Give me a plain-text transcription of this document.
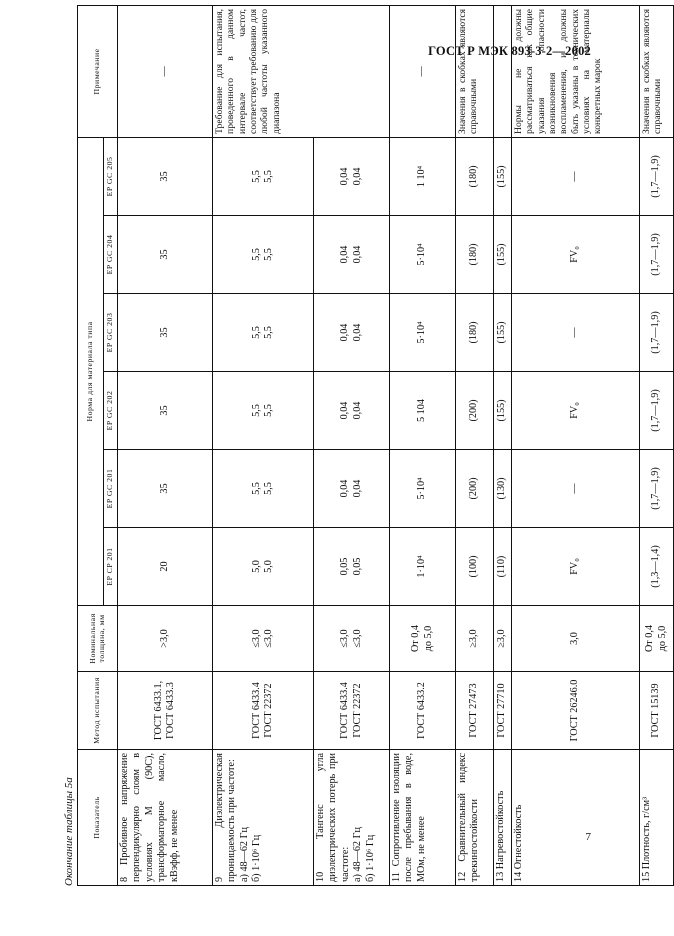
ГОСТ Р МЭК 893-3-2—2002
Окончание таблицы 5а Показатель	Метод испытания	Номинальная толщина, мм	Норма для материала типа						Примечание
			EP CP 201	EP GC 201	EP GC 202	EP GC 203	EP GC 204	EP GC 205	
8 Пробивное напряжение перпендикулярно слоям в условиях М (90С), трансформаторное масло, кВэфф, не менее	ГОСТ 6433.1, ГОСТ 6433.3	>3,0	20	35	35	35	35	35	—

9 Диэлектрическая проницаемость при частоте: а) 48—62 Гц б) 1·10⁶ Гц	ГОСТ 6433.4 ГОСТ 22372	≤3,0 ≤3,0	5,0 5,0	5,5 5,5	5,5 5,5	5,5 5,5	5,5 5,5	5,5 5,5	Требование для испытания, проведенного в данном интервале частот, соответствует требованию для любой частоты указанного диапазона

10 Тангенс угла диэлектрических потерь при частоте: а) 48—62 Гц б) 1·10⁶ Гц	ГОСТ 6433.4 ГОСТ 22372	≤3,0 ≤3,0	0,05 0,05	0,04 0,04	0,04 0,04	0,04 0,04	0,04 0,04	0,04 0,04	

11 Сопротивление изоляции после пребывания в воде, МОм, не менее	ГОСТ 6433.2	От 0,4 до 5,0	1·10⁴	5·10⁴	5 104	5·10⁴	5·10⁴	1 10⁴	—
12 Сравнительный индекс трекингостойкости	ГОСТ 27473	≥3,0	(100)	(200)	(200)	(180)	(180)	(180)	Значения в скобках являются справочными
13 Нагревостойкость	ГОСТ 27710	≥3,0	(110)	(130)	(155)	(155)	(155)	(155)	

14 Огнестойкость	ГОСТ 26246.0	3,0	FV₀	—	FV₀	—	FV₀	—	Нормы не должны рассматриваться как общие указания опасности возникновения воспламенения, и должны быть указаны в технических условиях на материалы конкретных марок
15 Плотность, г/см³	ГОСТ 15139	От 0,4 до 5,0	(1,3—1,4)	(1,7—1,9)	(1,7—1,9)	(1,7—1,9)	(1,7—1,9)	(1,7—1,9)	Значения в скобках являются справочными
7
